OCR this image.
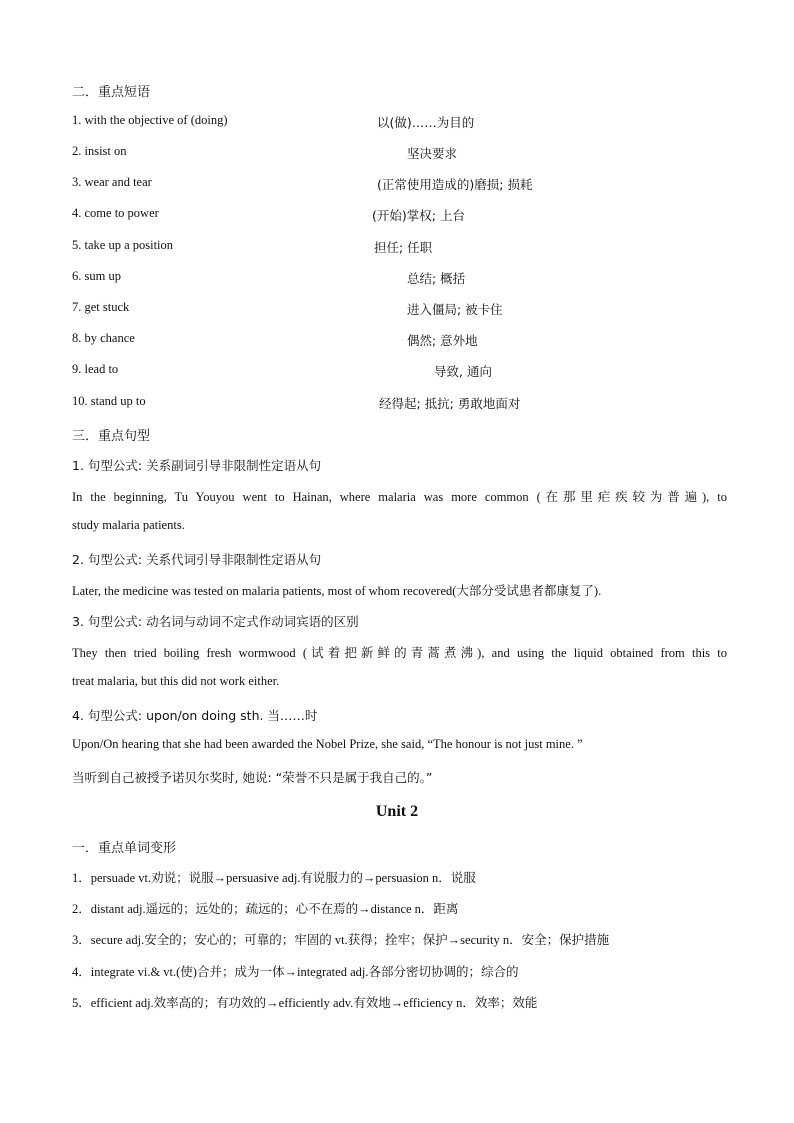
二．重点短语
1. with the objective of (doing)	以(做)……为目的
2. insist on	坚决要求
3. wear and tear	(正常使用造成的)磨损; 损耗
4. come to power	(开始)掌权; 上台
5. take up a position	担任; 任职
6. sum up	总结; 概括
7. get stuck	进入僵局; 被卡住
8. by chance	偶然; 意外地
9. lead to	导致, 通向
10. stand up to	经得起; 抵抗; 勇敢地面对
三．重点句型
1. 句型公式: 关系副词引导非限制性定语从句
In the beginning, Tu Youyou went to Hainan, where malaria was more common (在那里疟疾较为普遍), to
study malaria patients.
2. 句型公式: 关系代词引导非限制性定语从句
Later, the medicine was tested on malaria patients, most of whom recovered(大部分受试患者都康复了).
3. 句型公式: 动名词与动词不定式作动词宾语的区别
They then tried boiling fresh wormwood (试着把新鲜的青蒿煮沸), and using the liquid obtained from this to
treat malaria, but this did not work either.
4. 句型公式: upon/on doing sth. 当……时
Upon/On hearing that she had been awarded the Nobel Prize, she said, “The honour is not just mine. ”
当听到自己被授予诺贝尔奖时, 她说: “荣誉不只是属于我自己的。”
Unit 2
一．重点单词变形
1．persuade vt.劝说；说服→persuasive adj.有说服力的→persuasion n．说服
2．distant adj.遥远的；远处的；疏远的；心不在焉的→distance n．距离
3．secure adj.安全的；安心的；可靠的；牢固的 vt.获得；拴牢；保护→security n．安全；保护措施
4．integrate vi.& vt.(使)合并；成为一体→integrated adj.各部分密切协调的；综合的
5．efficient adj.效率高的；有功效的→efficiently adv.有效地→efficiency n．效率；效能
